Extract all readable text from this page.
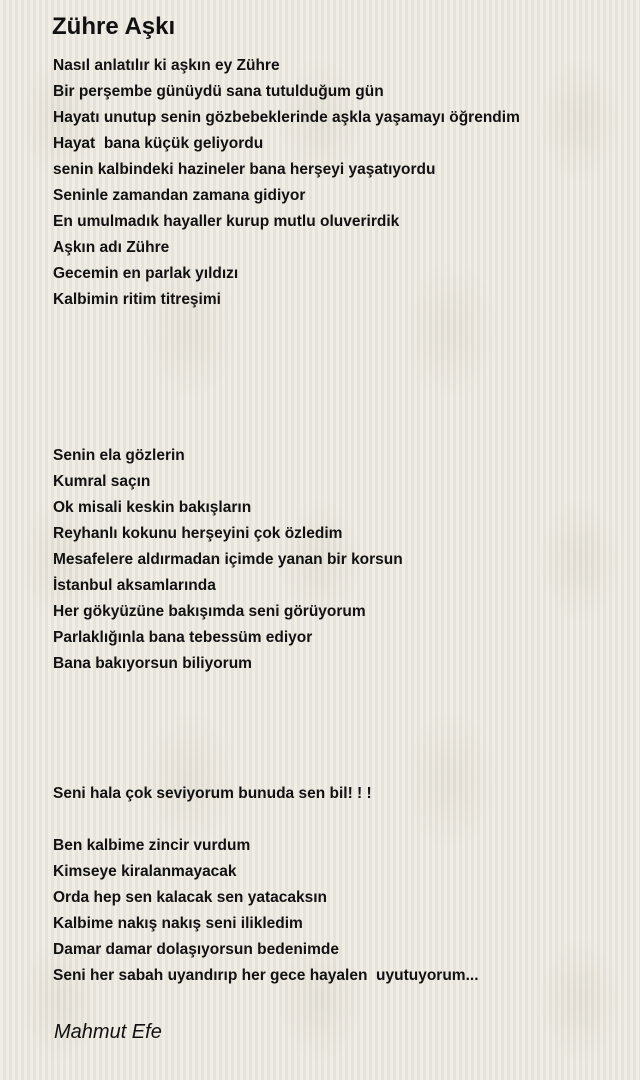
Zühre Aşkı
Nasıl anlatılır ki aşkın ey Zühre
Bir perşembe günüydü sana tutulduğum gün
Hayatı unutup senin gözbebeklerinde aşkla yaşamayı öğrendim
Hayat  bana küçük geliyordu
senin kalbindeki hazineler bana herşeyi yaşatıyordu
Seninle zamandan zamana gidiyor
En umulmadık hayaller kurup mutlu oluverirdik
Aşkın adı Zühre
Gecemin en parlak yıldızı
Kalbimin ritim titreşimi
Senin ela gözlerin
Kumral saçın
Ok misali keskin bakışların
Reyhanlı kokunu herşeyini çok özledim
Mesafelere aldırmadan içimde yanan bir korsun
İstanbul aksamlarında
Her gökyüzüne bakışımda seni görüyorum
Parlaklığınla bana tebessüm ediyor
Bana bakıyorsun biliyorum
Seni hala çok seviyorum bunuda sen bil! ! !
Ben kalbime zincir vurdum
Kimseye kiralanmayacak
Orda hep sen kalacak sen yatacaksın
Kalbime nakış nakış seni ilikledim
Damar damar dolaşıyorsun bedenimde
Seni her sabah uyandırıp her gece hayalen  uyutuyorum...

Mahmut Efe
